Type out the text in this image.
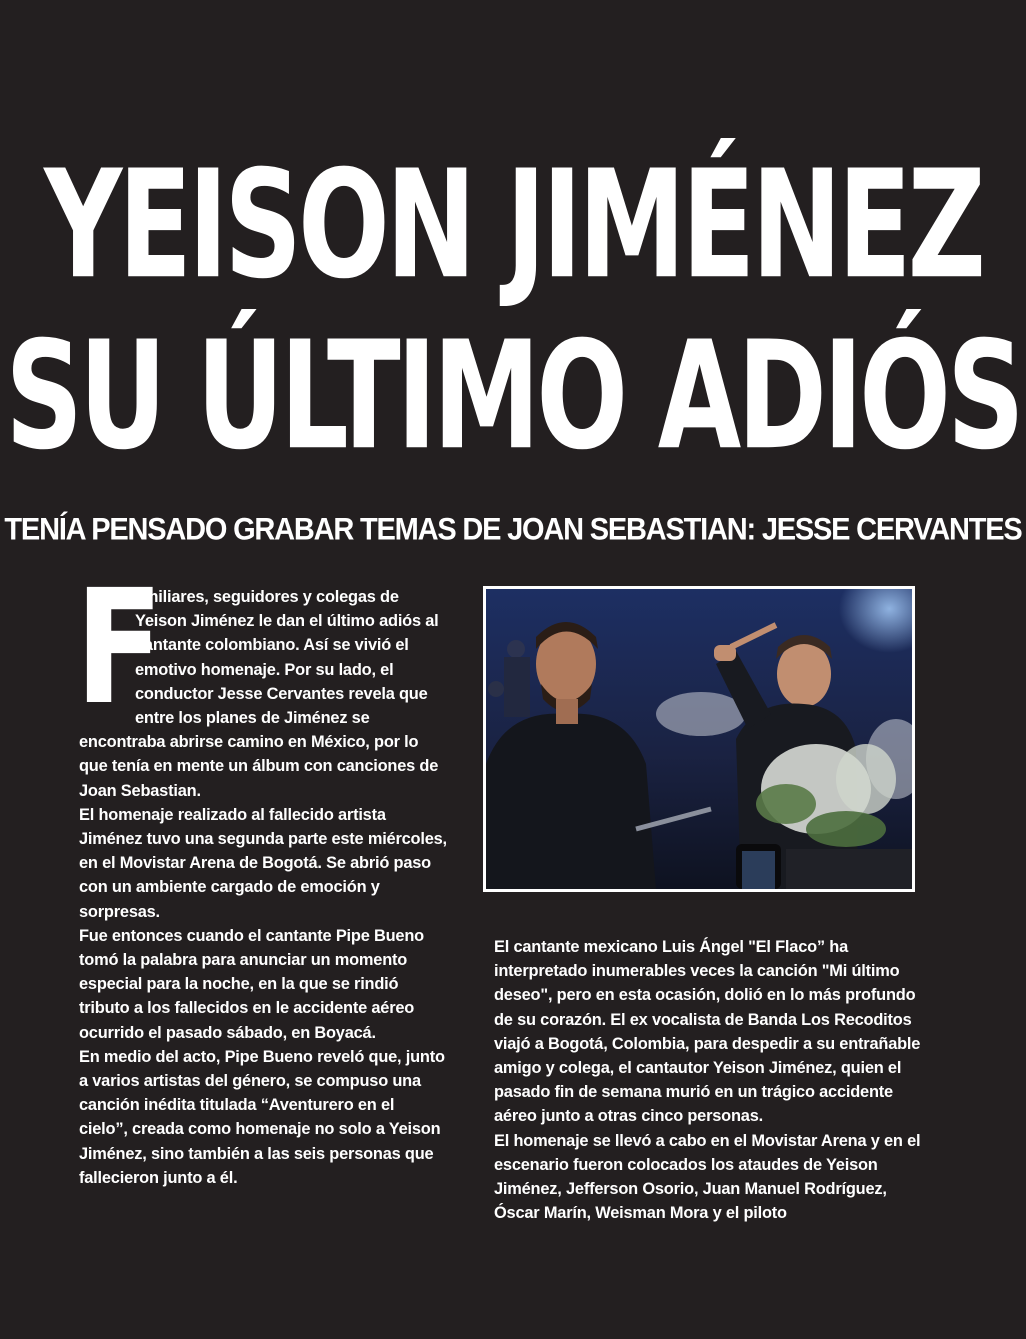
YEISON JIMÉNEZ
SU ÚLTIMO ADIÓS
TENÍA PENSADO GRABAR TEMAS DE JOAN SEBASTIAN: JESSE CERVANTES

F
amiliares, seguidores y colegas de Yeison Jiménez le dan el último adiós al cantante colombiano. Así se vivió el emotivo homenaje. Por su lado, el conductor Jesse Cervantes revela que entre los planes de Jiménez se encontraba abrirse camino en México, por lo que tenía en mente un álbum con canciones de Joan Sebastian.

El homenaje realizado al fallecido artista Jiménez tuvo una segunda parte este miércoles, en el Movistar Arena de Bogotá. Se abrió paso con un ambiente cargado de emoción y sorpresas.

Fue entonces cuando el cantante Pipe Bueno tomó la palabra para anunciar un momento especial para la noche, en la que se rindió tributo a los fallecidos en le accidente aéreo ocurrido el pasado sábado, en Boyacá.

En medio del acto, Pipe Bueno reveló que, junto a varios artistas del género, se compuso una canción inédita titulada “Aventurero en el cielo”, creada como homenaje no solo a Yeison Jiménez, sino también a las seis personas que fallecieron junto a él.

El cantante mexicano Luis Ángel "El Flaco” ha interpretado inumerables veces la canción "Mi último deseo", pero en esta ocasión, dolió en lo más profundo de su corazón. El ex vocalista de Banda Los Recoditos viajó a Bogotá, Colombia, para despedir a su entrañable amigo y colega, el cantautor Yeison Jiménez, quien el pasado fin de semana murió en un trágico accidente aéreo junto a otras cinco personas.

El homenaje se llevó a cabo en el Movistar Arena y en el escenario fueron colocados los ataudes de Yeison Jiménez, Jefferson Osorio, Juan Manuel Rodríguez, Óscar Marín, Weisman Mora y el piloto
